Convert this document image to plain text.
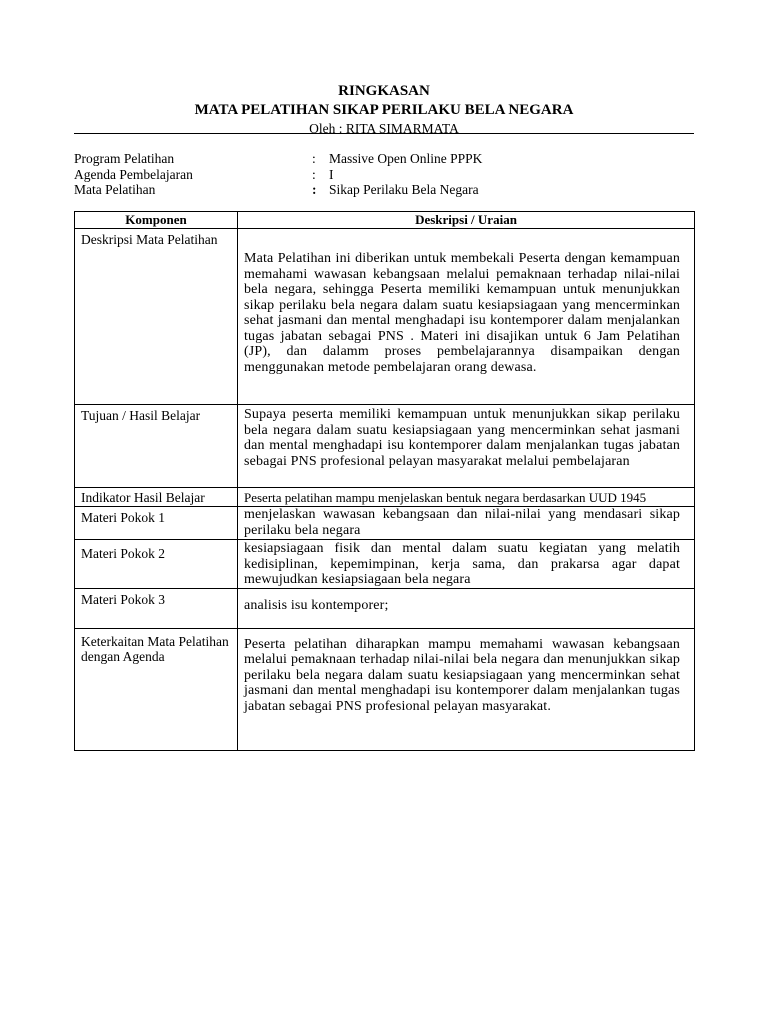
RINGKASAN
MATA PELATIHAN SIKAP PERILAKU BELA NEGARA
Oleh : RITA SIMARMATA
Program Pelatihan	: Massive Open Online PPPK
Agenda Pembelajaran	: I
Mata Pelatihan	: Sikap Perilaku Bela Negara
Komponen	Deskripsi / Uraian

Deskripsi Mata Pelatihan	Mata Pelatihan ini diberikan untuk membekali Peserta dengan kemampuan memahami wawasan kebangsaan melalui pemaknaan terhadap nilai-nilai bela negara, sehingga Peserta memiliki kemampuan untuk menunjukkan sikap perilaku bela negara dalam suatu kesiapsiagaan yang mencerminkan sehat jasmani dan mental menghadapi isu kontemporer dalam menjalankan tugas jabatan sebagai PNS . Materi ini disajikan untuk 6 Jam Pelatihan (JP), dan dalamm proses pembelajarannya disampaikan dengan menggunakan metode pembelajaran orang dewasa.

Tujuan / Hasil Belajar	Supaya peserta memiliki kemampuan untuk menunjukkan sikap perilaku bela negara dalam suatu kesiapsiagaan yang mencerminkan sehat jasmani dan mental menghadapi isu kontemporer dalam menjalankan tugas jabatan sebagai PNS profesional pelayan masyarakat melalui pembelajaran

Indikator Hasil Belajar	Peserta pelatihan mampu menjelaskan bentuk negara berdasarkan UUD 1945

Materi Pokok 1	menjelaskan wawasan kebangsaan dan nilai-nilai yang mendasari sikap perilaku bela negara

Materi Pokok 2	kesiapsiagaan fisik dan mental dalam suatu kegiatan yang melatih kedisiplinan, kepemimpinan, kerja sama, dan prakarsa agar dapat mewujudkan kesiapsiagaan bela negara

Materi Pokok 3	analisis isu kontemporer;

Keterkaitan Mata Pelatihan dengan Agenda	Peserta pelatihan diharapkan mampu memahami wawasan kebangsaan melalui pemaknaan terhadap nilai-nilai bela negara dan menunjukkan sikap perilaku bela negara dalam suatu kesiapsiagaan yang mencerminkan sehat jasmani dan mental menghadapi isu kontemporer dalam menjalankan tugas jabatan sebagai PNS profesional pelayan masyarakat.
